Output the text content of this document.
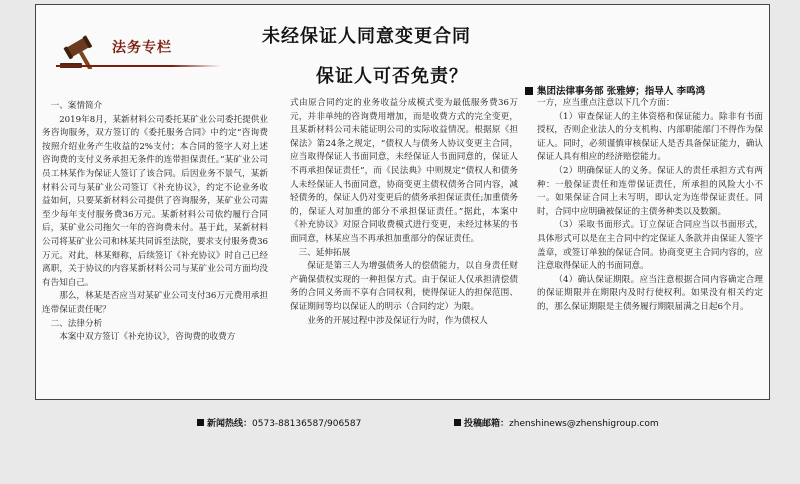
法务专栏
未经保证人同意变更合同
保证人可否免责？
集团法律事务部 张雅婷；指导人 李鸣鸿

一、案情简介

2019年8月，某新材料公司委托某矿业公司委托提供业务咨询服务，双方签订的《委托服务合同》中约定“咨询费按照介绍业务产生收益的2%支付；本合同的签字人对上述咨询费的支付义务承担无条件的连带担保责任。”某矿业公司员工林某作为保证人签订了该合同。后因业务不景气，某新材料公司与某矿业公司签订《补充协议》，约定不论业务收益如何，只要某新材料公司提供了咨询服务，某矿业公司需至少每年支付服务费36万元。某新材料公司依约履行合同后，某矿业公司拖欠一年的咨询费未付。基于此，某新材料公司将某矿业公司和林某共同诉至法院，要求支付服务费36万元。对此，林某辩称，后续签订《补充协议》时自己已经离职，关于协议的内容某新材料公司与某矿业公司方面均没有告知自己。

那么，林某是否应当对某矿业公司支付36万元费用承担连带保证责任呢？

二、法律分析

本案中双方签订《补充协议》，咨询费的收费方

式由原合同约定的业务收益分成模式变为最低服务费36万元，并非单纯的咨询费用增加，而是收费方式的完全变更，且某新材料公司未能证明公司的实际收益情况。根据原《担保法》第24条之规定，“债权人与债务人协议变更主合同，应当取得保证人书面同意，未经保证人书面同意的，保证人不再承担保证责任”，而《民法典》中则规定“债权人和债务人未经保证人书面同意，协商变更主债权债务合同内容，减轻债务的，保证人仍对变更后的债务承担保证责任;加重债务的，保证人对加重的部分不承担保证责任。”据此，本案中《补充协议》对原合同收费模式进行变更，未经过林某的书面同意，林某应当不再承担加重部分的保证责任。

三、延伸拓展

保证是第三人为增强债务人的偿债能力，以自身责任财产确保债权实现的一种担保方式。由于保证人仅承担清偿债务的合同义务而不享有合同权利，使得保证人的担保范围、保证期间等均以保证人的明示（合同约定）为限。

业务的开展过程中涉及保证行为时，作为债权人

一方，应当重点注意以下几个方面：

（1）审查保证人的主体资格和保证能力。除非有书面授权，否则企业法人的分支机构、内部职能部门不得作为保证人。同时，必须谨慎审核保证人是否具备保证能力，确认保证人具有相应的经济赔偿能力。

（2）明确保证人的义务。保证人的责任承担方式有两种：一般保证责任和连带保证责任，所承担的风险大小不一。如果保证合同上未写明，即认定为连带保证责任。同时，合同中应明确被保证的主债务种类以及数额。

（3）采取书面形式。订立保证合同应当以书面形式，具体形式可以是在主合同中约定保证人条款并由保证人签字盖章，或签订单独的保证合同。协商变更主合同内容的，应注意取得保证人的书面同意。

（4）确认保证期限。应当注意根据合同内容确定合理的保证期限并在期限内及时行使权利。如果没有相关约定的，那么保证期限是主债务履行期限届满之日起6个月。

新闻热线：0573-88136587/906587	投稿邮箱：zhenshinews@zhenshigroup.com
